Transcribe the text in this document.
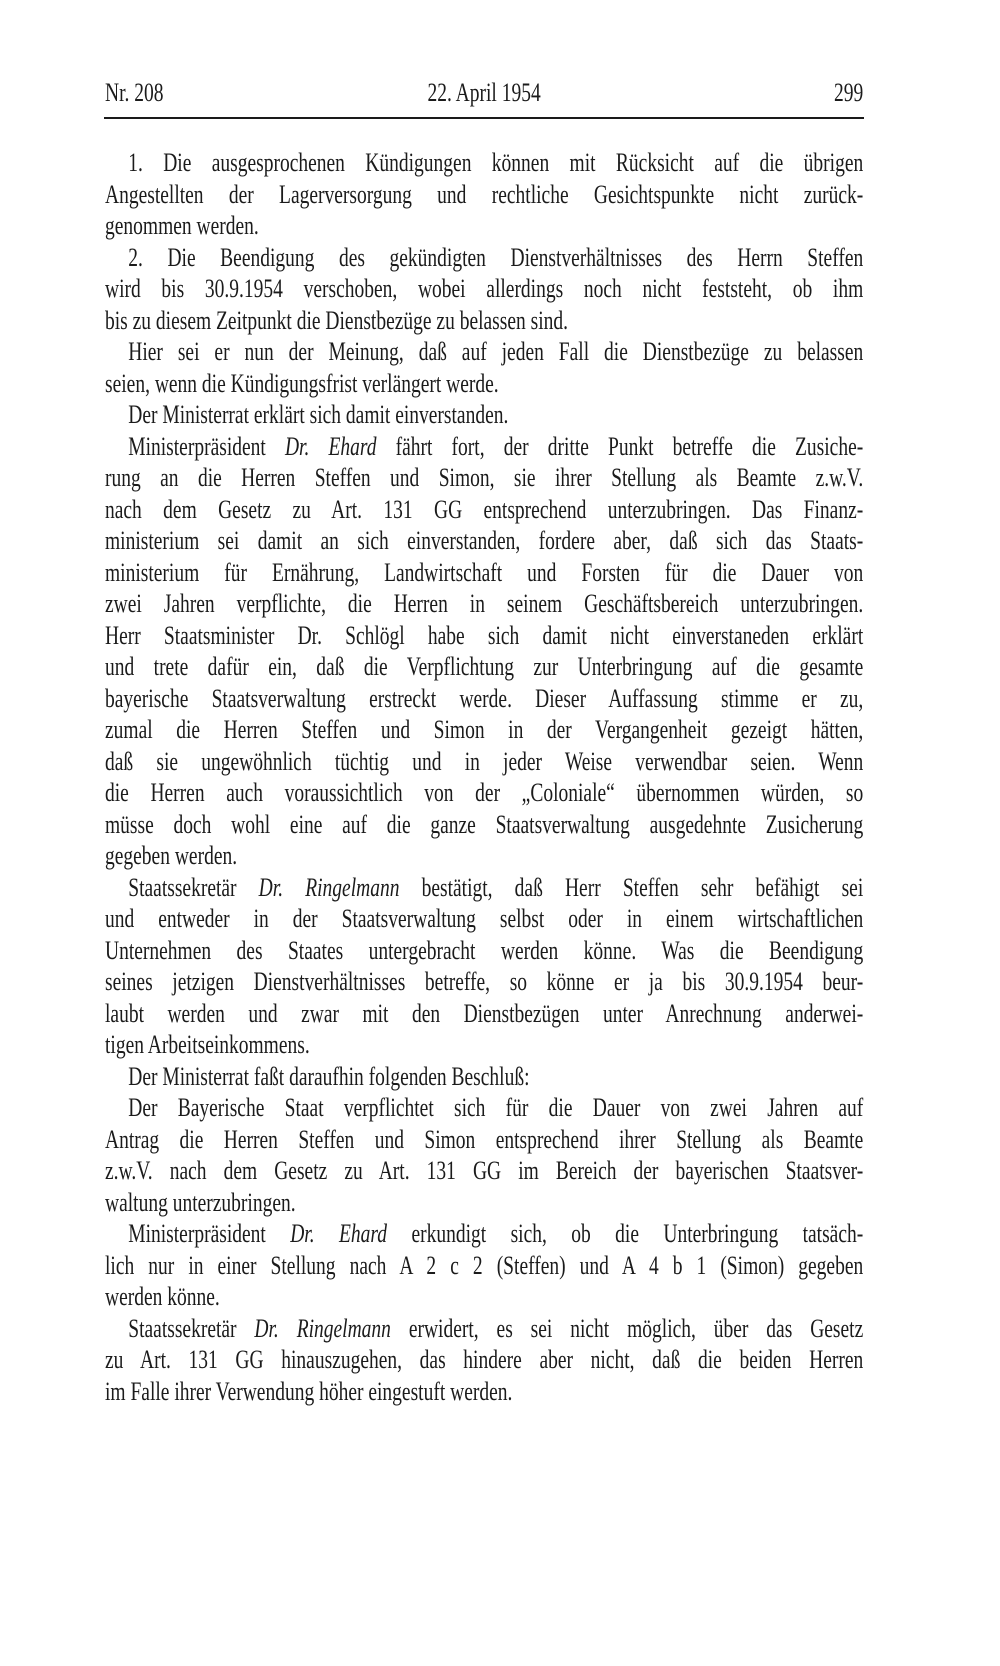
Nr. 208	22. April 1954	299
1. Die ausgesprochenen Kündigungen können mit Rücksicht auf die übrigen
Angestellten der Lagerversorgung und rechtliche Gesichtspunkte nicht zurück-
genommen werden.
2. Die Beendigung des gekündigten Dienstverhältnisses des Herrn Steffen
wird bis 30.9.1954 verschoben, wobei allerdings noch nicht feststeht, ob ihm
bis zu diesem Zeitpunkt die Dienstbezüge zu belassen sind.
Hier sei er nun der Meinung, daß auf jeden Fall die Dienstbezüge zu belassen
seien, wenn die Kündigungsfrist verlängert werde.
Der Ministerrat erklärt sich damit einverstanden.
Ministerpräsident Dr. Ehard fährt fort, der dritte Punkt betreffe die Zusiche-
rung an die Herren Steffen und Simon, sie ihrer Stellung als Beamte z.w.V.
nach dem Gesetz zu Art. 131 GG entsprechend unterzubringen. Das Finanz-
ministerium sei damit an sich einverstanden, fordere aber, daß sich das Staats-
ministerium für Ernährung, Landwirtschaft und Forsten für die Dauer von
zwei Jahren verpflichte, die Herren in seinem Geschäftsbereich unterzubringen.
Herr Staatsminister Dr. Schlögl habe sich damit nicht einverstaneden erklärt
und trete dafür ein, daß die Verpflichtung zur Unterbringung auf die gesamte
bayerische Staatsverwaltung erstreckt werde. Dieser Auffassung stimme er zu,
zumal die Herren Steffen und Simon in der Vergangenheit gezeigt hätten,
daß sie ungewöhnlich tüchtig und in jeder Weise verwendbar seien. Wenn
die Herren auch voraussichtlich von der „Coloniale“ übernommen würden, so
müsse doch wohl eine auf die ganze Staatsverwaltung ausgedehnte Zusicherung
gegeben werden.
Staatssekretär Dr. Ringelmann bestätigt, daß Herr Steffen sehr befähigt sei
und entweder in der Staatsverwaltung selbst oder in einem wirtschaftlichen
Unternehmen des Staates untergebracht werden könne. Was die Beendigung
seines jetzigen Dienstverhältnisses betreffe, so könne er ja bis 30.9.1954 beur-
laubt werden und zwar mit den Dienstbezügen unter Anrechnung anderwei-
tigen Arbeitseinkommens.
Der Ministerrat faßt daraufhin folgenden Beschluß:
Der Bayerische Staat verpflichtet sich für die Dauer von zwei Jahren auf
Antrag die Herren Steffen und Simon entsprechend ihrer Stellung als Beamte
z.w.V. nach dem Gesetz zu Art. 131 GG im Bereich der bayerischen Staatsver-
waltung unterzubringen.
Ministerpräsident Dr. Ehard erkundigt sich, ob die Unterbringung tatsäch-
lich nur in einer Stellung nach A 2 c 2 (Steffen) und A 4 b 1 (Simon) gegeben
werden könne.
Staatssekretär Dr. Ringelmann erwidert, es sei nicht möglich, über das Gesetz
zu Art. 131 GG hinauszugehen, das hindere aber nicht, daß die beiden Herren
im Falle ihrer Verwendung höher eingestuft werden.
